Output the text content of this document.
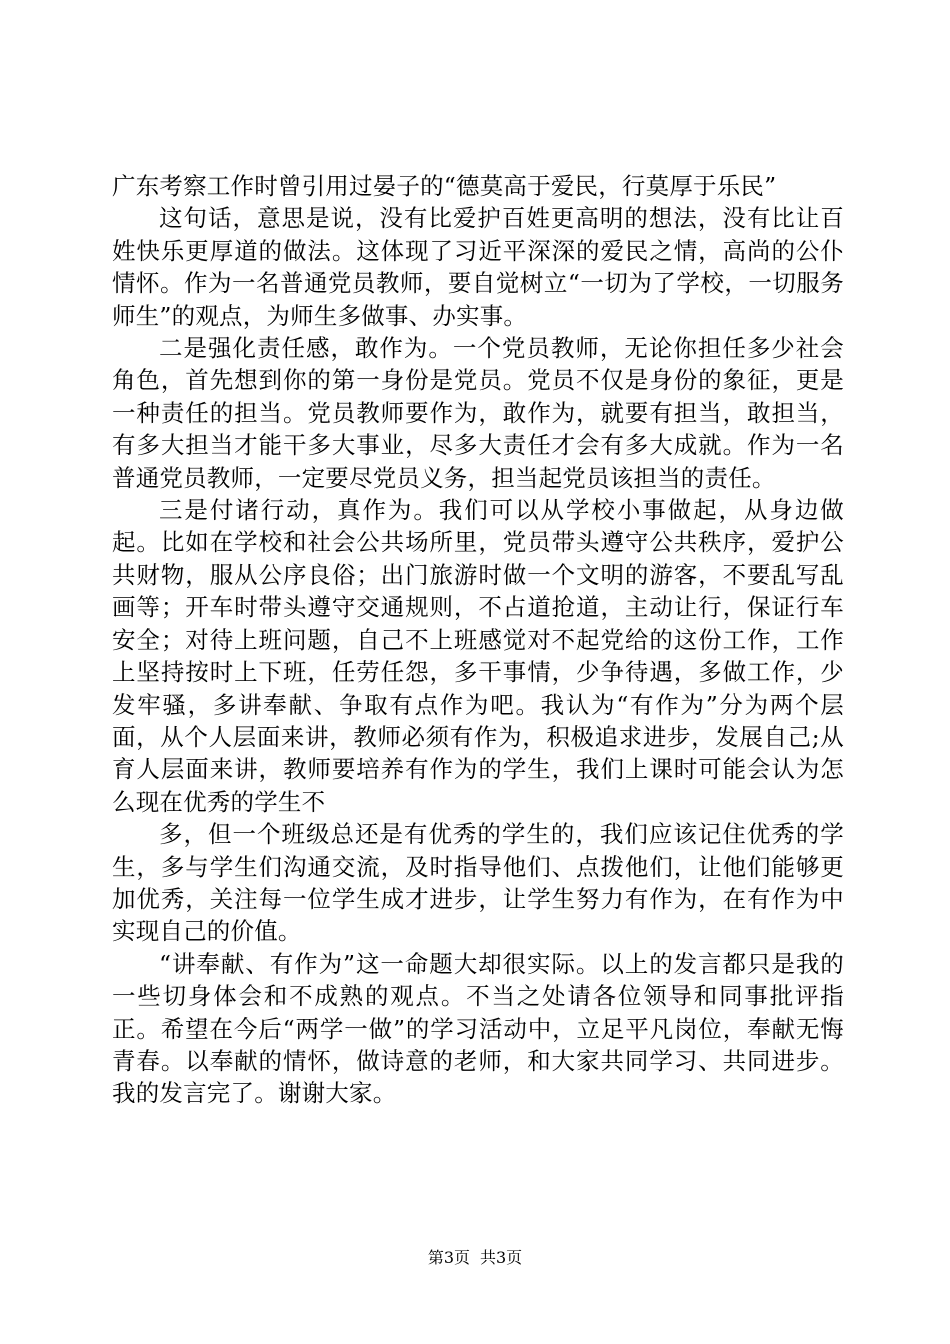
广东考察工作时曾引用过晏子的“德莫高于爱民，行莫厚于乐民”

这句话，意思是说，没有比爱护百姓更高明的想法，没有比让百姓快乐更厚道的做法。这体现了习近平深深的爱民之情，高尚的公仆情怀。作为一名普通党员教师，要自觉树立“一切为了学校，一切服务师生”的观点，为师生多做事、办实事。

二是强化责任感，敢作为。一个党员教师，无论你担任多少社会角色，首先想到你的第一身份是党员。党员不仅是身份的象征，更是一种责任的担当。党员教师要作为，敢作为，就要有担当，敢担当，有多大担当才能干多大事业，尽多大责任才会有多大成就。作为一名普通党员教师，一定要尽党员义务，担当起党员该担当的责任。

三是付诸行动，真作为。我们可以从学校小事做起，从身边做起。比如在学校和社会公共场所里，党员带头遵守公共秩序，爱护公共财物，服从公序良俗；出门旅游时做一个文明的游客，不要乱写乱画等；开车时带头遵守交通规则，不占道抢道，主动让行，保证行车安全；对待上班问题，自己不上班感觉对不起党给的这份工作，工作上坚持按时上下班，任劳任怨，多干事情，少争待遇，多做工作，少发牢骚，多讲奉献、争取有点作为吧。我认为“有作为”分为两个层面，从个人层面来讲，教师必须有作为，积极追求进步，发展自己;从育人层面来讲，教师要培养有作为的学生，我们上课时可能会认为怎么现在优秀的学生不

多，但一个班级总还是有优秀的学生的，我们应该记住优秀的学生，多与学生们沟通交流，及时指导他们、点拨他们，让他们能够更加优秀，关注每一位学生成才进步，让学生努力有作为，在有作为中实现自己的价值。

“讲奉献、有作为”这一命题大却很实际。以上的发言都只是我的一些切身体会和不成熟的观点。不当之处请各位领导和同事批评指正。希望在今后“两学一做”的学习活动中，立足平凡岗位，奉献无悔青春。以奉献的情怀，做诗意的老师，和大家共同学习、共同进步。我的发言完了。谢谢大家。

第3页 共3页
